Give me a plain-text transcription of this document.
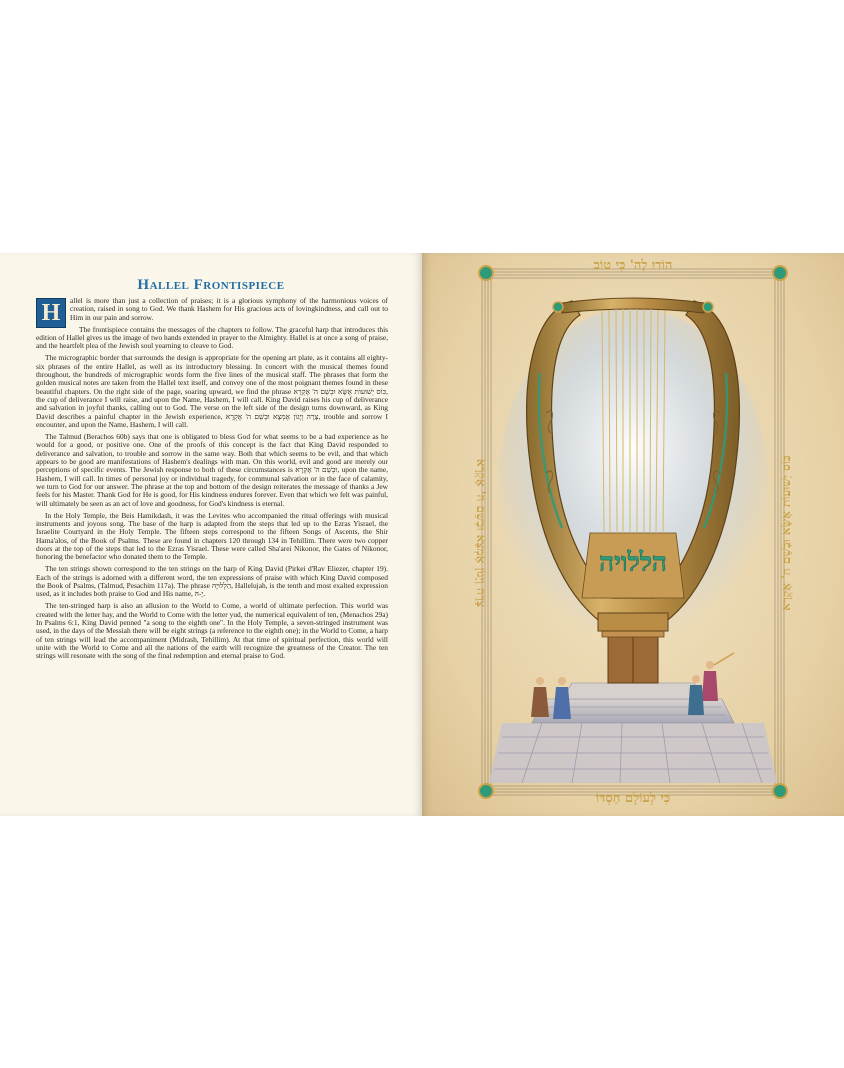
Hallel Frontispiece

H	allel is more than just a collection of praises; it is a glorious symphony of the harmonious voices of creation, raised in song to God. We thank Hashem for His gracious acts of lovingkindness, and call out to Him in our pain and sorrow.

The frontispiece contains the messages of the chapters to follow. The graceful harp that introduces this edition of Hallel gives us the image of two hands extended in prayer to the Almighty. Hallel is at once a song of praise, and the heartfelt plea of the Jewish soul yearning to cleave to God.

The micrographic border that surrounds the design is appropriate for the opening art plate, as it contains all eighty-six phrases of the entire Hallel, as well as its introductory blessing. In concert with the musical themes found throughout, the hundreds of micrographic words form the five lines of the musical staff. The phrases that form the golden musical notes are taken from the Hallel text itself, and convey one of the most poignant themes found in these beautiful chapters. On the right side of the page, soaring upward, we find the phrase כּוֹס יְשׁוּעוֹת אֶשָּׂא וּבְשֵׁם ה' אֶקְרָא, the cup of deliverance I will raise, and upon the Name, Hashem, I will call. King David raises his cup of deliverance and salvation in joyful thanks, calling out to God. The verse on the left side of the design turns downward, as King David describes a painful chapter in the Jewish experience, צָרָה וְיָגוֹן אֶמְצָא וּבְשֵׁם ה' אֶקְרָא, trouble and sorrow I encounter, and upon the Name, Hashem, I will call.

The Talmud (Berachos 60b) says that one is obligated to bless God for what seems to be a bad experience as he would for a good, or positive one. One of the proofs of this concept is the fact that King David responded to deliverance and salvation, to trouble and sorrow in the same way. Both that which seems to be evil, and that which appears to be good are manifestations of Hashem's dealings with man. On this world, evil and good are merely our perceptions of specific events. The Jewish response to both of these circumstances is וּבְשֵׁם ה' אֶקְרָא, upon the name, Hashem, I will call. In times of personal joy or individual tragedy, for communal salvation or in the face of calamity, we turn to God for our answer. The phrase at the top and bottom of the design reiterates the message of thanks a Jew feels for his Master. Thank God for He is good, for His kindness endures forever. Even that which we felt was painful, will ultimately be seen as an act of love and goodness, for God's kindness is eternal.

In the Holy Temple, the Beis Hamikdash, it was the Levites who accompanied the ritual offerings with musical instruments and joyous song. The base of the harp is adapted from the steps that led up to the Ezras Yisrael, the Israelite Courtyard in the Holy Temple. The fifteen steps correspond to the fifteen Songs of Ascents, the Shir Hama'alos, of the Book of Psalms. These are found in chapters 120 through 134 in Tehillim. There were two copper doors at the top of the steps that led to the Ezras Yisrael. These were called Sha'arei Nikonor, the Gates of Nikonor, honoring the benefactor who donated them to the Temple.

The ten strings shown correspond to the ten strings on the harp of King David (Pirkei d'Rav Eliezer, chapter 19). Each of the strings is adorned with a different word, the ten expressions of praise with which King David composed the Book of Psalms, (Talmud, Pesachim 117a). The phrase הַלְלוּיָהּ, Hallelujah, is the tenth and most exalted expression used, as it includes both praise to God and His name, יָ-הּ.

The ten-stringed harp is also an allusion to the World to Come, a world of ultimate perfection. This world was created with the letter hay, and the World to Come with the letter yud, the numerical equivalent of ten, (Menachos 29a) In Psalms 6:1, King David penned "a song to the eighth one". In the Holy Temple, a seven-stringed instrument was used, in the days of the Messiah there will be eight strings (a reference to the eighth one); in the World to Come, a harp of ten strings will lead the accompaniment (Midrash, Tehillim). At that time of spiritual perfection, this world will unite with the World to Come and all the nations of the earth will recognize the greatness of the Creator. The ten strings will resonate with the song of the final redemption and eternal praise to God.

הוֹדוּ לַה' כִּי טוֹב
כִּי לְעוֹלָם חַסְדּוֹ
צָרָה וְיָגוֹן אֶמְצָא וּבְשֵׁם ה' אֶקְרָא	כּוֹס יְשׁוּעוֹת אֶשָּׂא וּבְשֵׁם ה' אֶקְרָא
הללויה
